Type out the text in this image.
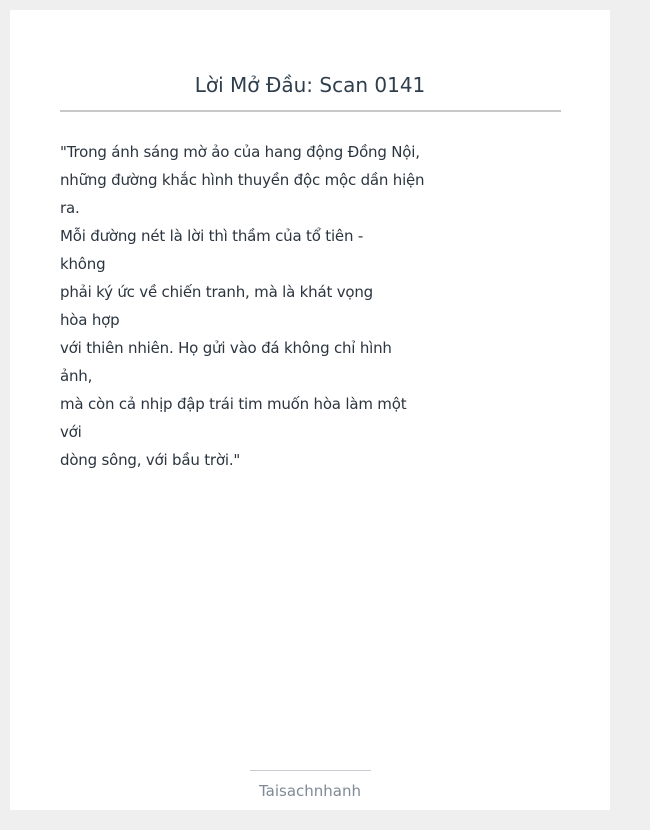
Lời Mở Đầu: Scan 0141

"Trong ánh sáng mờ ảo của hang động Đồng Nội,
những đường khắc hình thuyền độc mộc dần hiện
ra.
Mỗi đường nét là lời thì thầm của tổ tiên -
không
phải ký ức về chiến tranh, mà là khát vọng
hòa hợp
với thiên nhiên. Họ gửi vào đá không chỉ hình
ảnh,
mà còn cả nhịp đập trái tim muốn hòa làm một
với
dòng sông, với bầu trời."

Taisachnhanh
